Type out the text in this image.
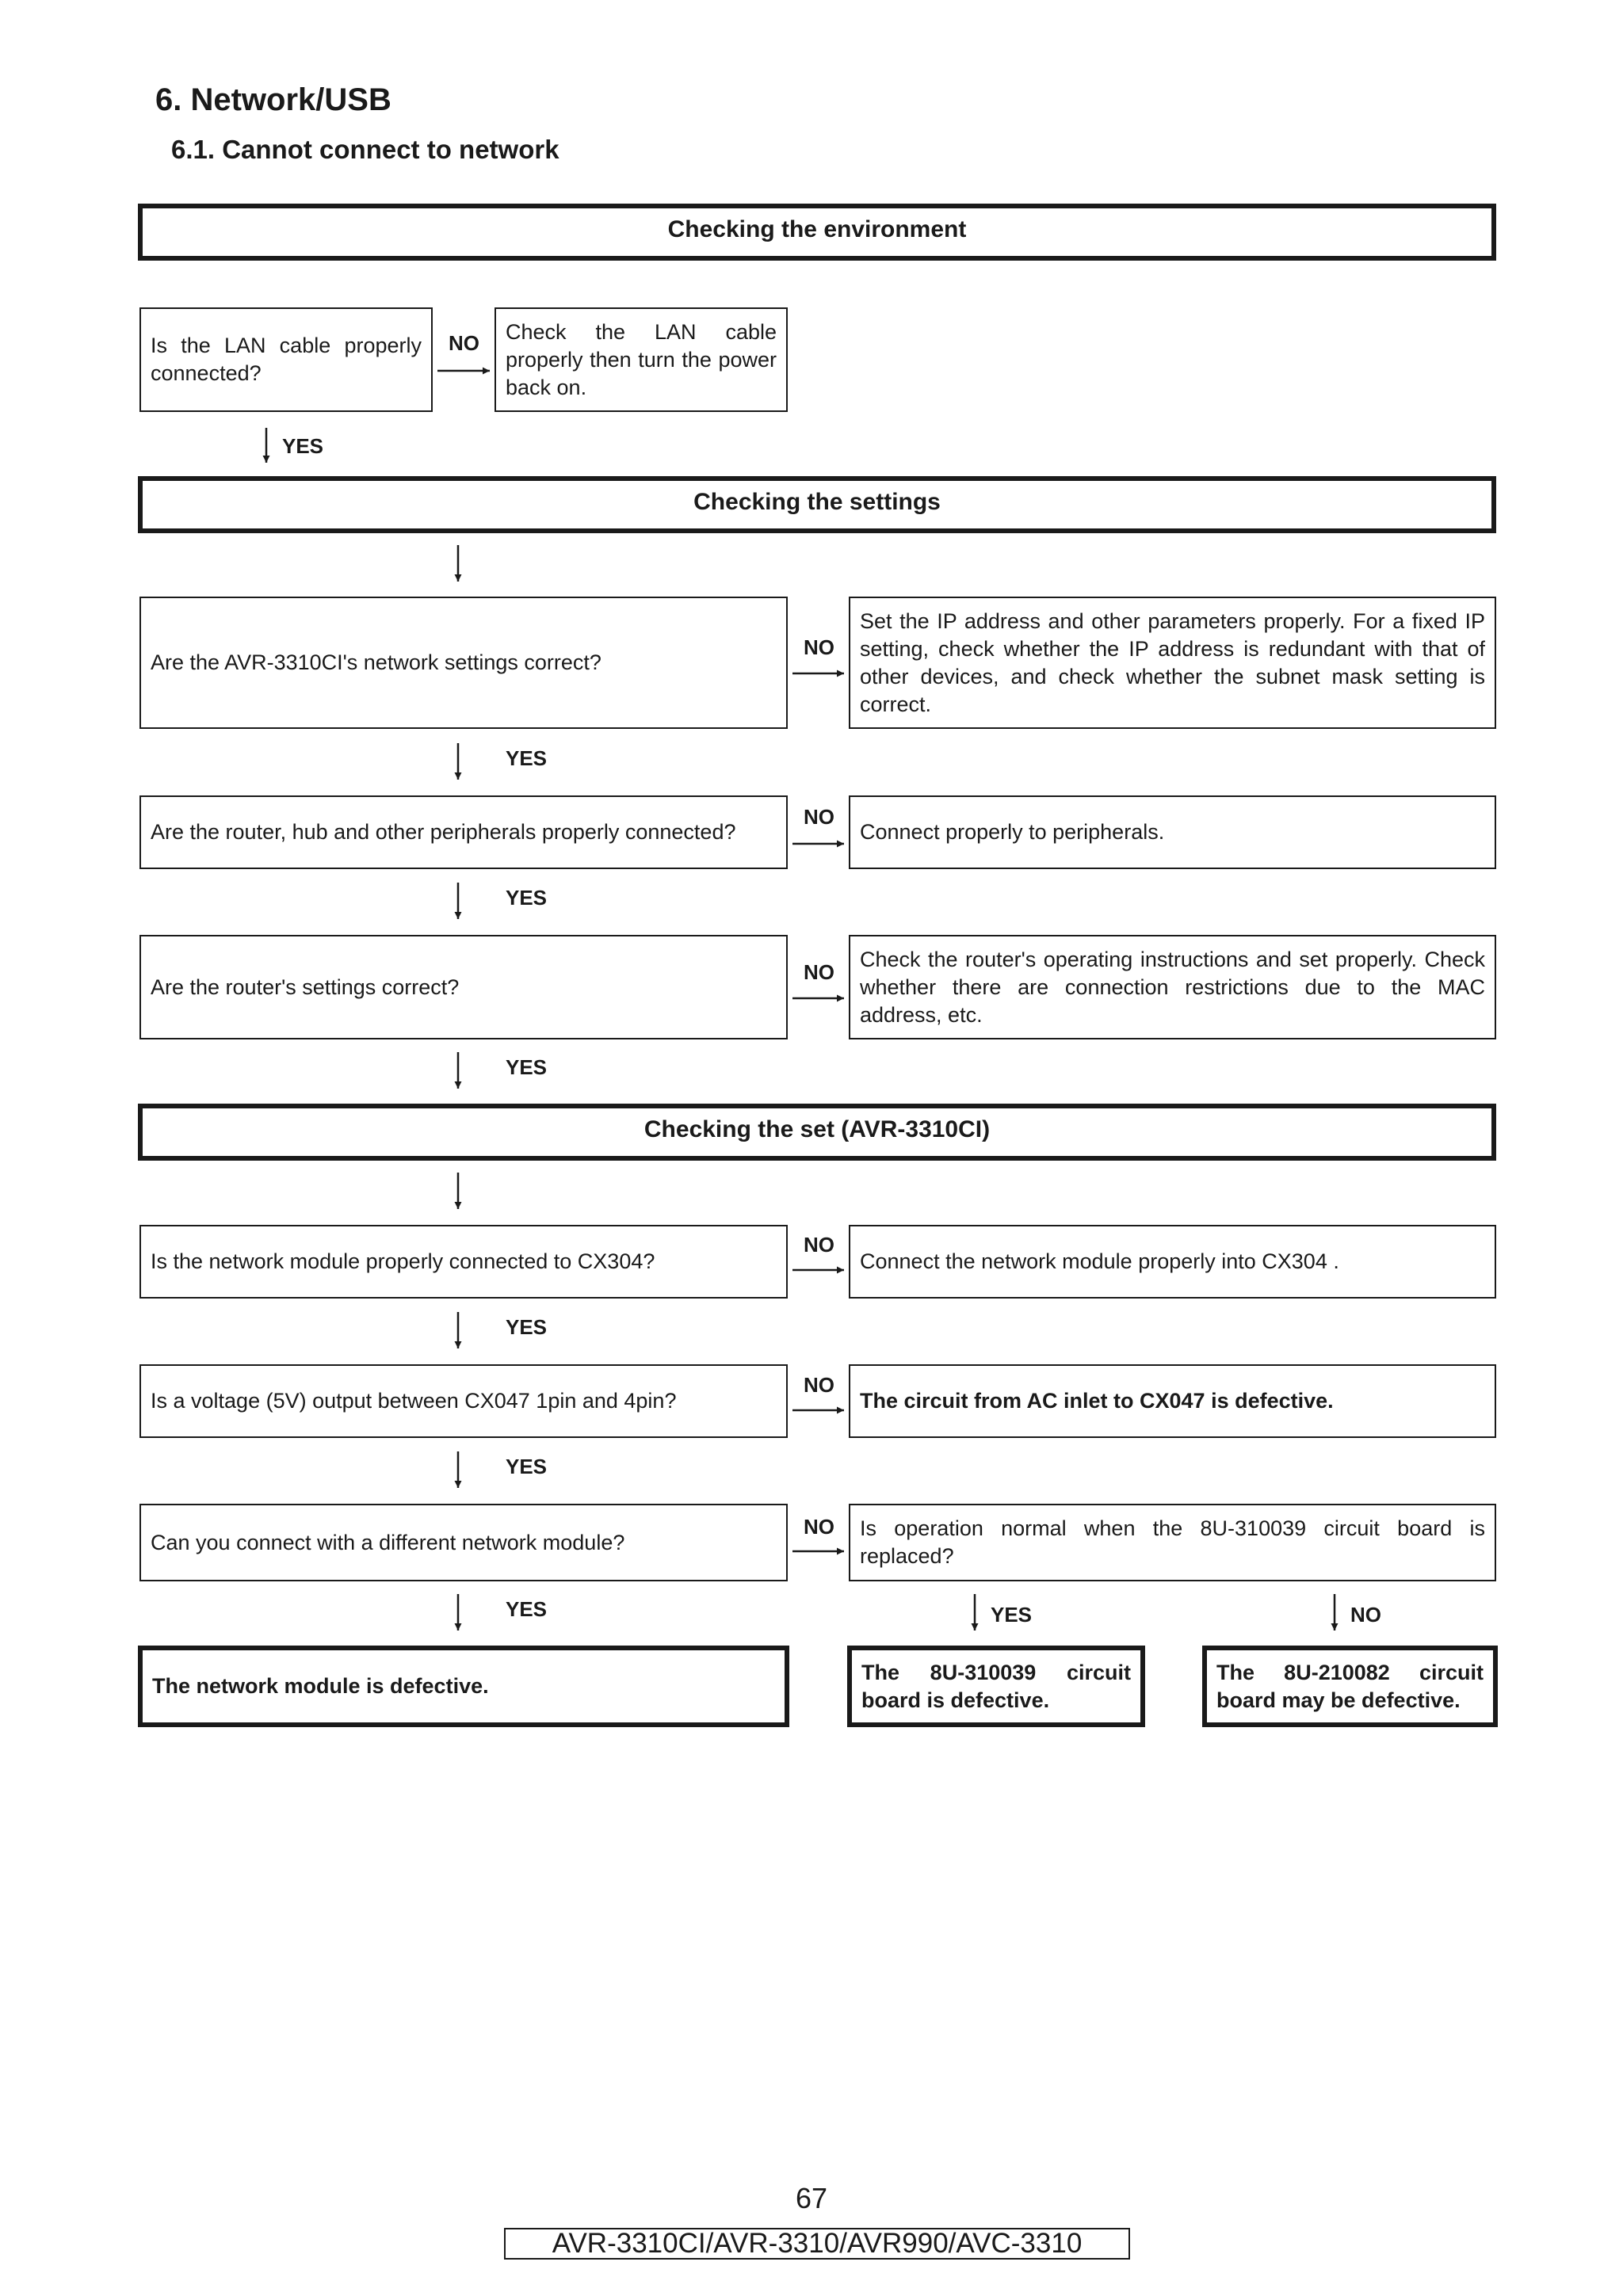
6. Network/USB
6.1. Cannot connect to network
Checking the environment
Checking the settings
Checking the set (AVR-3310CI)
Is the LAN cable properly connected?
Check the LAN cable properly then turn the power back on.
Are the AVR-3310CI's network settings correct?
Set the IP address and other parameters properly. For a fixed IP setting, check whether the IP address is redundant with that of other devices, and check whether the subnet mask setting is correct.
Are the router, hub and other peripherals properly connected?	Connect properly to peripherals.
Are the router's settings correct?
Check the router's operating instructions and set properly. Check whether there are connection restrictions due to the MAC address, etc.
Is the network module properly connected to CX304?	Connect the network module properly into CX304 .
Is a voltage (5V) output between CX047 1pin and 4pin?	The circuit from AC inlet to CX047 is defective.
Can you connect with a different network module?
Is operation normal when the 8U-310039 circuit board is replaced?
The network module is defective.
The 8U-310039 circuit board is defective.
The 8U-210082 circuit board may be defective.
NO
YES
NO
YES
NO
YES
NO
YES
NO
YES
NO
YES
NO
YES	YES	NO
67
AVR-3310CI/AVR-3310/AVR990/AVC-3310
